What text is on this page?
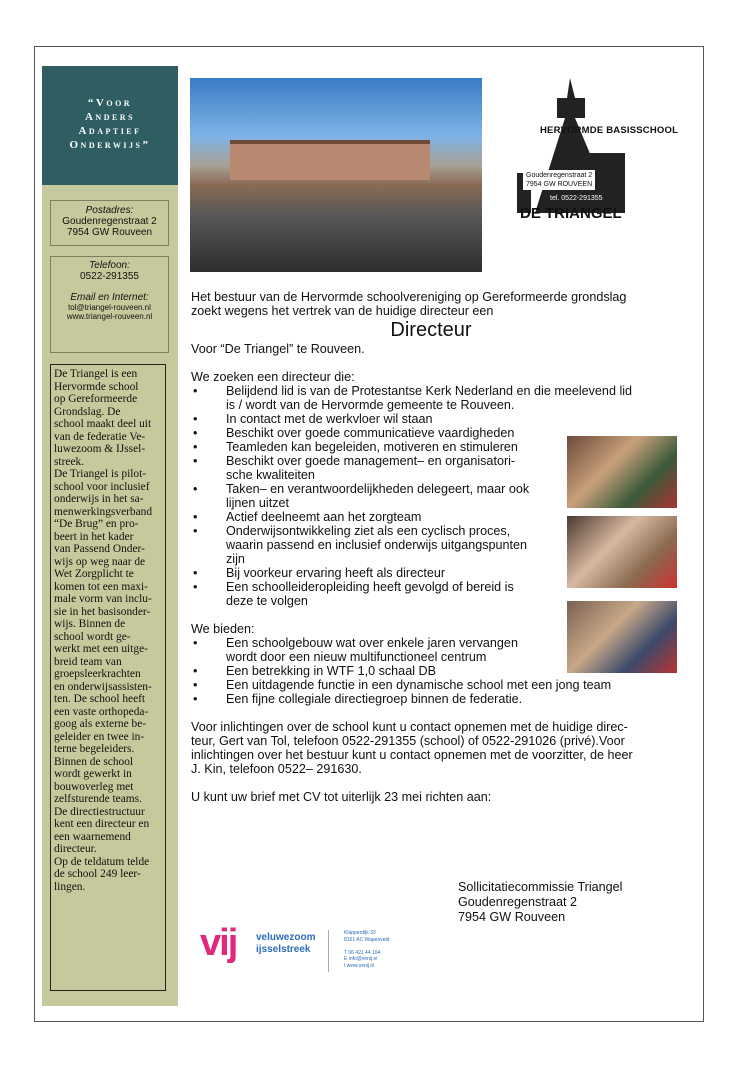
“Voor
Anders
Adaptief
Onderwijs”
Postadres:
Goudenregenstraat 2
7954 GW Rouveen
Telefoon:
0522-291355
Email en Internet:
tol@triangel-rouveen.nl
www.triangel-rouveen.nl
De Triangel is een
Hervormde school
op Gereformeerde
Grondslag. De
school maakt deel uit
van de federatie Ve-
luwezoom & IJssel-
streek.
De Triangel is pilot-
school voor inclusief
onderwijs in het sa-
menwerkingsverband
“De Brug” en pro-
beert in het kader
van Passend Onder-
wijs op weg naar de
Wet Zorgplicht te
komen tot een maxi-
male vorm van inclu-
sie in het basisonder-
wijs. Binnen de
school wordt ge-
werkt met een uitge-
breid team van
groepsleerkrachten
en onderwijsassisten-
ten. De school heeft
een vaste orthopeda-
goog als externe be-
geleider en twee in-
terne begeleiders.
Binnen de school
wordt gewerkt in
bouwoverleg met
zelfsturende teams.
De directiestructuur
kent een directeur en
een waarnemend
directeur.
Op de teldatum telde
de school 249 leer-
lingen.
HERVORMDE BASISSCHOOL
Goudenregenstraat 2
7954 GW ROUVEEN
tel. 0522-291355
DE TRIANGEL
Het bestuur van de Hervormde schoolvereniging op Gereformeerde grondslag
zoekt wegens het vertrek van de huidige directeur een
Directeur
Voor “De Triangel” te Rouveen.
We zoeken een directeur die:
•	Belijdend lid is van de Protestantse Kerk Nederland en die meelevend lid
is / wordt van de Hervormde gemeente te Rouveen.
•	In contact met de werkvloer wil staan
•	Beschikt over goede communicatieve vaardigheden
•	Teamleden kan begeleiden, motiveren en stimuleren
•	Beschikt over goede management– en organisatori-
sche kwaliteiten
•	Taken– en verantwoordelijkheden delegeert, maar ook
lijnen uitzet
•	Actief deelneemt aan het zorgteam
•	Onderwijsontwikkeling ziet als een cyclisch proces,
waarin passend en inclusief onderwijs uitgangspunten
zijn
•	Bij voorkeur ervaring heeft als directeur
•	Een schoolleideropleiding heeft gevolgd of bereid is
deze te volgen
We bieden:
•	Een schoolgebouw wat over enkele jaren vervangen
wordt door een nieuw multifunctioneel centrum
•	Een betrekking in WTF 1,0 schaal DB
•	Een uitdagende functie in een dynamische school met een jong team
•	Een fijne collegiale directiegroep binnen de federatie.
Voor inlichtingen over de school kunt u contact opnemen met de huidige direc-
teur, Gert van Tol, telefoon 0522-291355 (school) of 0522-291026 (privé).Voor
inlichtingen over het bestuur kunt u contact opnemen met de voorzitter, de heer
J. Kin, telefoon 0522– 291630.
U kunt uw brief met CV tot uiterlijk 23 mei richten aan:
Sollicitatiecommissie Triangel
Goudenregenstraat 2
7954 GW Rouveen
vij veluwezoom
ijsselstreek
Klapperdijk 33
8161 AC Wapenveld

T 06 421 44 104
E info@venij.nl
I www.venij.nl
